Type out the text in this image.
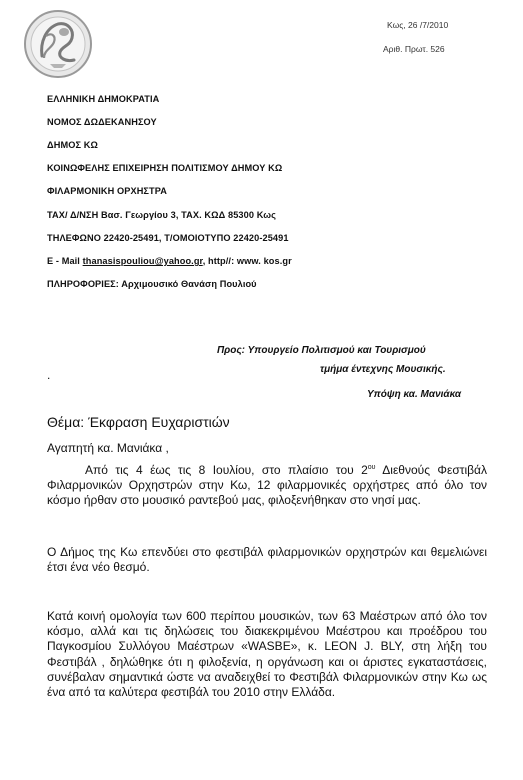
Κως, 26 /7/2010
Αριθ. Πρωτ. 526
ΕΛΛΗΝΙΚΗ ΔΗΜΟΚΡΑΤΙΑ
ΝΟΜΟΣ ΔΩΔΕΚΑΝΗΣΟΥ
ΔΗΜΟΣ ΚΩ
ΚΟΙΝΩΦΕΛΗΣ ΕΠΙΧΕΙΡΗΣΗ ΠΟΛΙΤΙΣΜΟΥ ΔΗΜΟΥ ΚΩ
ΦΙΛΑΡΜΟΝΙΚΗ ΟΡΧΗΣΤΡΑ
ΤΑΧ/ Δ/ΝΣΗ Βασ. Γεωργίου 3, ΤΑΧ. ΚΩΔ 85300 Κως
ΤΗΛΕΦΩΝΟ 22420-25491, Τ/ΟΜΟΙΟΤΥΠΟ 22420-25491
E - Mail thanasispouliou@yahoo.gr, http//: www. kos.gr
ΠΛΗΡΟΦΟΡΙΕΣ: Αρχιμουσικό Θανάση Πουλιού
Προς: Υπουργείο Πολιτισμού και Τουρισμού
.	τμήμα έντεχνης Μουσικής.
Υπόψη κα. Μανιάκα
Θέμα: Έκφραση Ευχαριστιών
Αγαπητή κα. Μανιάκα ,
Από τις 4 έως τις 8 Ιουλίου, στο πλαίσιο του $2^{o\upsilon}$ Διεθνούς Φεστιβάλ Φιλαρμονικών Ορχηστρών στην Κω, 12 φιλαρμονικές ορχήστρες από όλο τον κόσμο ήρθαν στο μουσικό ραντεβού μας, φιλοξενήθηκαν στο νησί μας.
Ο Δήμος της Κω επενδύει στο φεστιβάλ φιλαρμονικών ορχηστρών και θεμελιώνει έτσι ένα νέο θεσμό.
Κατά κοινή ομολογία των 600 περίπου μουσικών, των 63 Μαέστρων από όλο τον κόσμο, αλλά και τις δηλώσεις του διακεκριμένου Μαέστρου και προέδρου του Παγκοσμίου Συλλόγου Μαέστρων «WASBE», κ. LEON J. BLY, στη λήξη του Φεστιβάλ , δηλώθηκε ότι η φιλοξενία, η οργάνωση και οι άριστες εγκαταστάσεις, συνέβαλαν σημαντικά ώστε να αναδειχθεί το Φεστιβάλ Φιλαρμονικών στην Κω ως ένα από τα καλύτερα φεστιβάλ του 2010 στην Ελλάδα.
